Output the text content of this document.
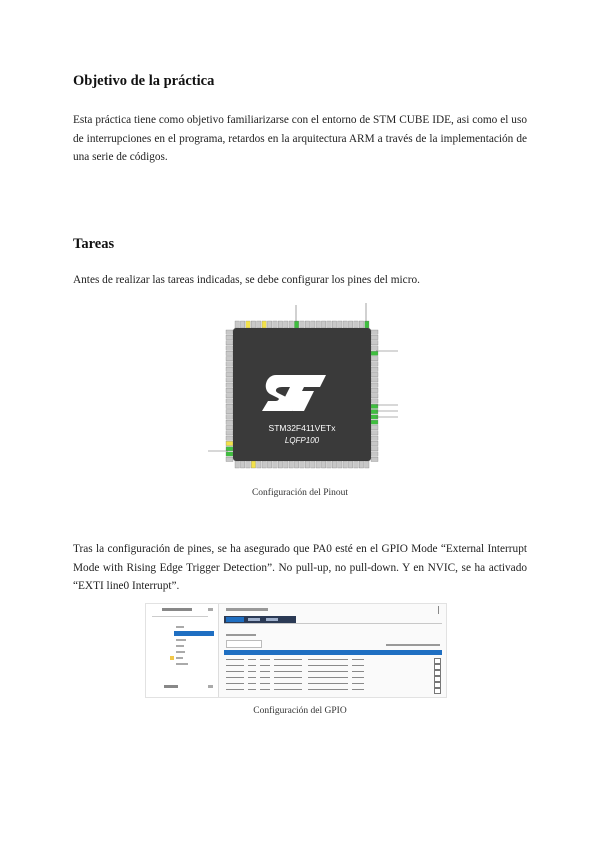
Objetivo de la práctica

Esta práctica tiene como objetivo familiarizarse con el entorno de STM CUBE IDE, asi como el uso de interrupciones en el programa, retardos en la arquitectura ARM a través de la implementación de una serie de códigos.

Tareas

Antes de realizar las tareas indicadas, se debe configurar los pines del micro.

STM32F411VETx
LQFP100
Configuración del Pinout

Tras la configuración de pines, se ha asegurado que PA0 esté en el GPIO Mode “External Interrupt Mode with Rising Edge Trigger Detection”. No pull-up, no pull-down. Y en NVIC, se ha activado “EXTI line0 Interrupt”.

Configuración del GPIO
